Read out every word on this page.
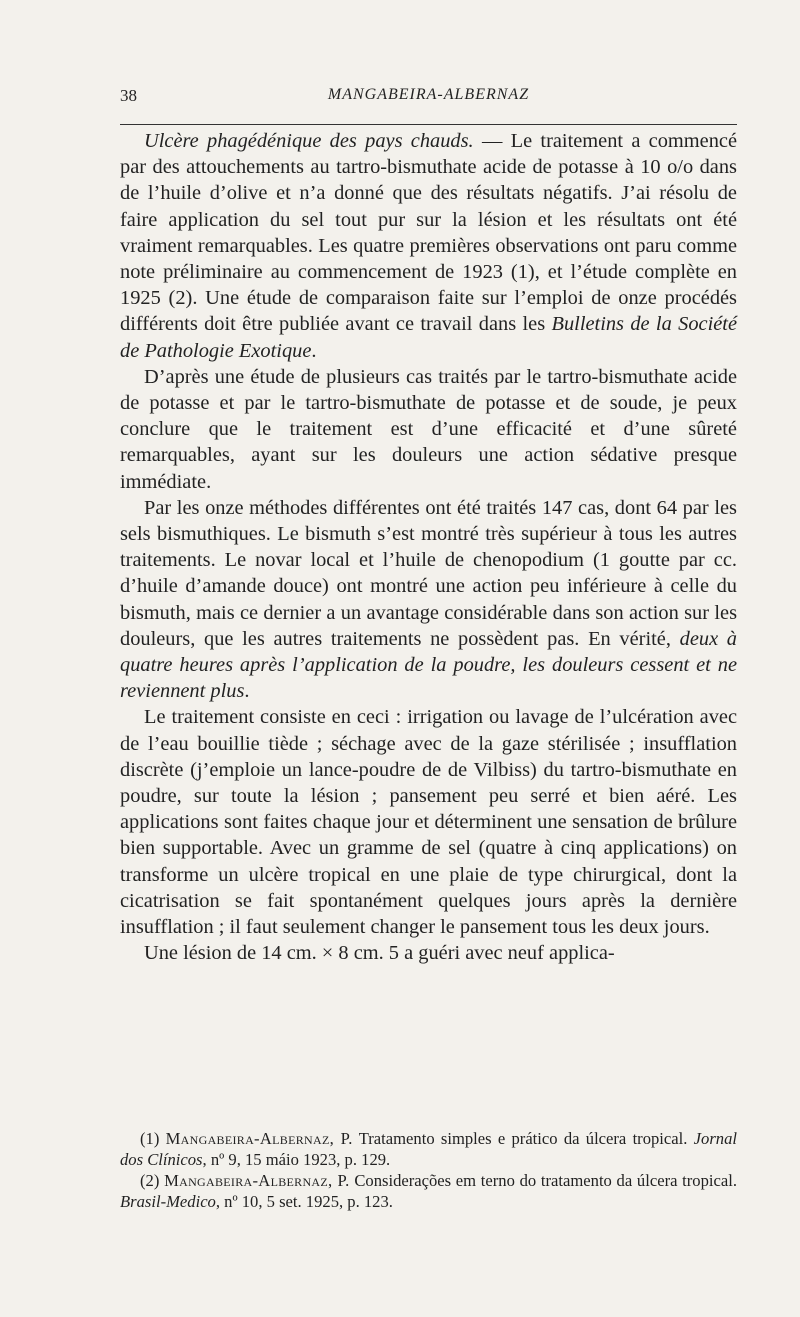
38	MANGABEIRA-ALBERNAZ

Ulcère phagédénique des pays chauds. — Le traitement a commencé par des attouchements au tartro-bismuthate acide de potasse à 10 o/o dans de l’huile d’olive et n’a donné que des résultats négatifs. J’ai résolu de faire application du sel tout pur sur la lésion et les résultats ont été vraiment remarquables. Les quatre premières observations ont paru comme note préliminaire au commencement de 1923 (1), et l’étude complète en 1925 (2). Une étude de comparaison faite sur l’emploi de onze procédés différents doit être publiée avant ce travail dans les Bulletins de la Société de Pathologie Exotique.

D’après une étude de plusieurs cas traités par le tartro-bismuthate acide de potasse et par le tartro-bismuthate de potasse et de soude, je peux conclure que le traitement est d’une efficacité et d’une sûreté remarquables, ayant sur les douleurs une action sédative presque immédiate.

Par les onze méthodes différentes ont été traités 147 cas, dont 64 par les sels bismuthiques. Le bismuth s’est montré très supérieur à tous les autres traitements. Le novar local et l’huile de chenopodium (1 goutte par cc. d’huile d’amande douce) ont montré une action peu inférieure à celle du bismuth, mais ce dernier a un avantage considérable dans son action sur les douleurs, que les autres traitements ne possèdent pas. En vérité, deux à quatre heures après l’application de la poudre, les douleurs cessent et ne reviennent plus.

Le traitement consiste en ceci : irrigation ou lavage de l’ulcération avec de l’eau bouillie tiède ; séchage avec de la gaze stérilisée ; insufflation discrète (j’emploie un lance-poudre de de Vilbiss) du tartro-bismuthate en poudre, sur toute la lésion ; pansement peu serré et bien aéré. Les applications sont faites chaque jour et déterminent une sensation de brûlure bien supportable. Avec un gramme de sel (quatre à cinq applications) on transforme un ulcère tropical en une plaie de type chirurgical, dont la cicatrisation se fait spontanément quelques jours après la dernière insufflation ; il faut seulement changer le pansement tous les deux jours.

Une lésion de 14 cm. × 8 cm. 5 a guéri avec neuf applica-

(1) Mangabeira-Albernaz, P. Tratamento simples e prático da úlcera tropical. Jornal dos Clínicos, nº 9, 15 máio 1923, p. 129.

(2) Mangabeira-Albernaz, P. Considerações em terno do tratamento da úlcera tropical. Brasil-Medico, nº 10, 5 set. 1925, p. 123.
